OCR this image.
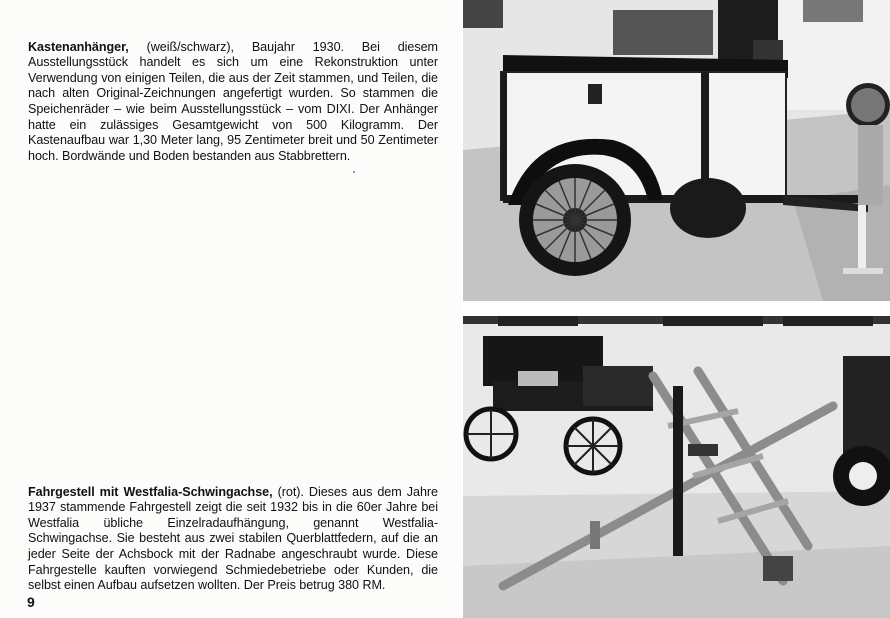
Kastenanhänger, (weiß/schwarz), Baujahr 1930. Bei diesem Ausstellungsstück handelt es sich um eine Rekonstruktion unter Verwendung von einigen Teilen, die aus der Zeit stammen, und Teilen, die nach alten Original-Zeichnungen angefertigt wurden. So stammen die Speichenräder – wie beim Ausstellungsstück – vom DIXI. Der Anhänger hatte ein zulässiges Gesamtgewicht von 500 Kilogramm. Der Kastenaufbau war 1,30 Meter lang, 95 Zentimeter breit und 50 Zentimeter hoch. Bordwände und Boden bestanden aus Stabbrettern.

Fahrgestell mit Westfalia-Schwingachse, (rot). Dieses aus dem Jahre 1937 stammende Fahrgestell zeigt die seit 1932 bis in die 60er Jahre bei Westfalia übliche Einzelradaufhängung, genannt Westfalia-Schwingachse. Sie besteht aus zwei stabilen Querblattfedern, auf die an jeder Seite der Achsbock mit der Radnabe angeschraubt wurde. Diese Fahrgestelle kauften vorwiegend Schmiedebetriebe oder Kunden, die selbst einen Aufbau aufsetzen wollten. Der Preis betrug 380 RM.

9
